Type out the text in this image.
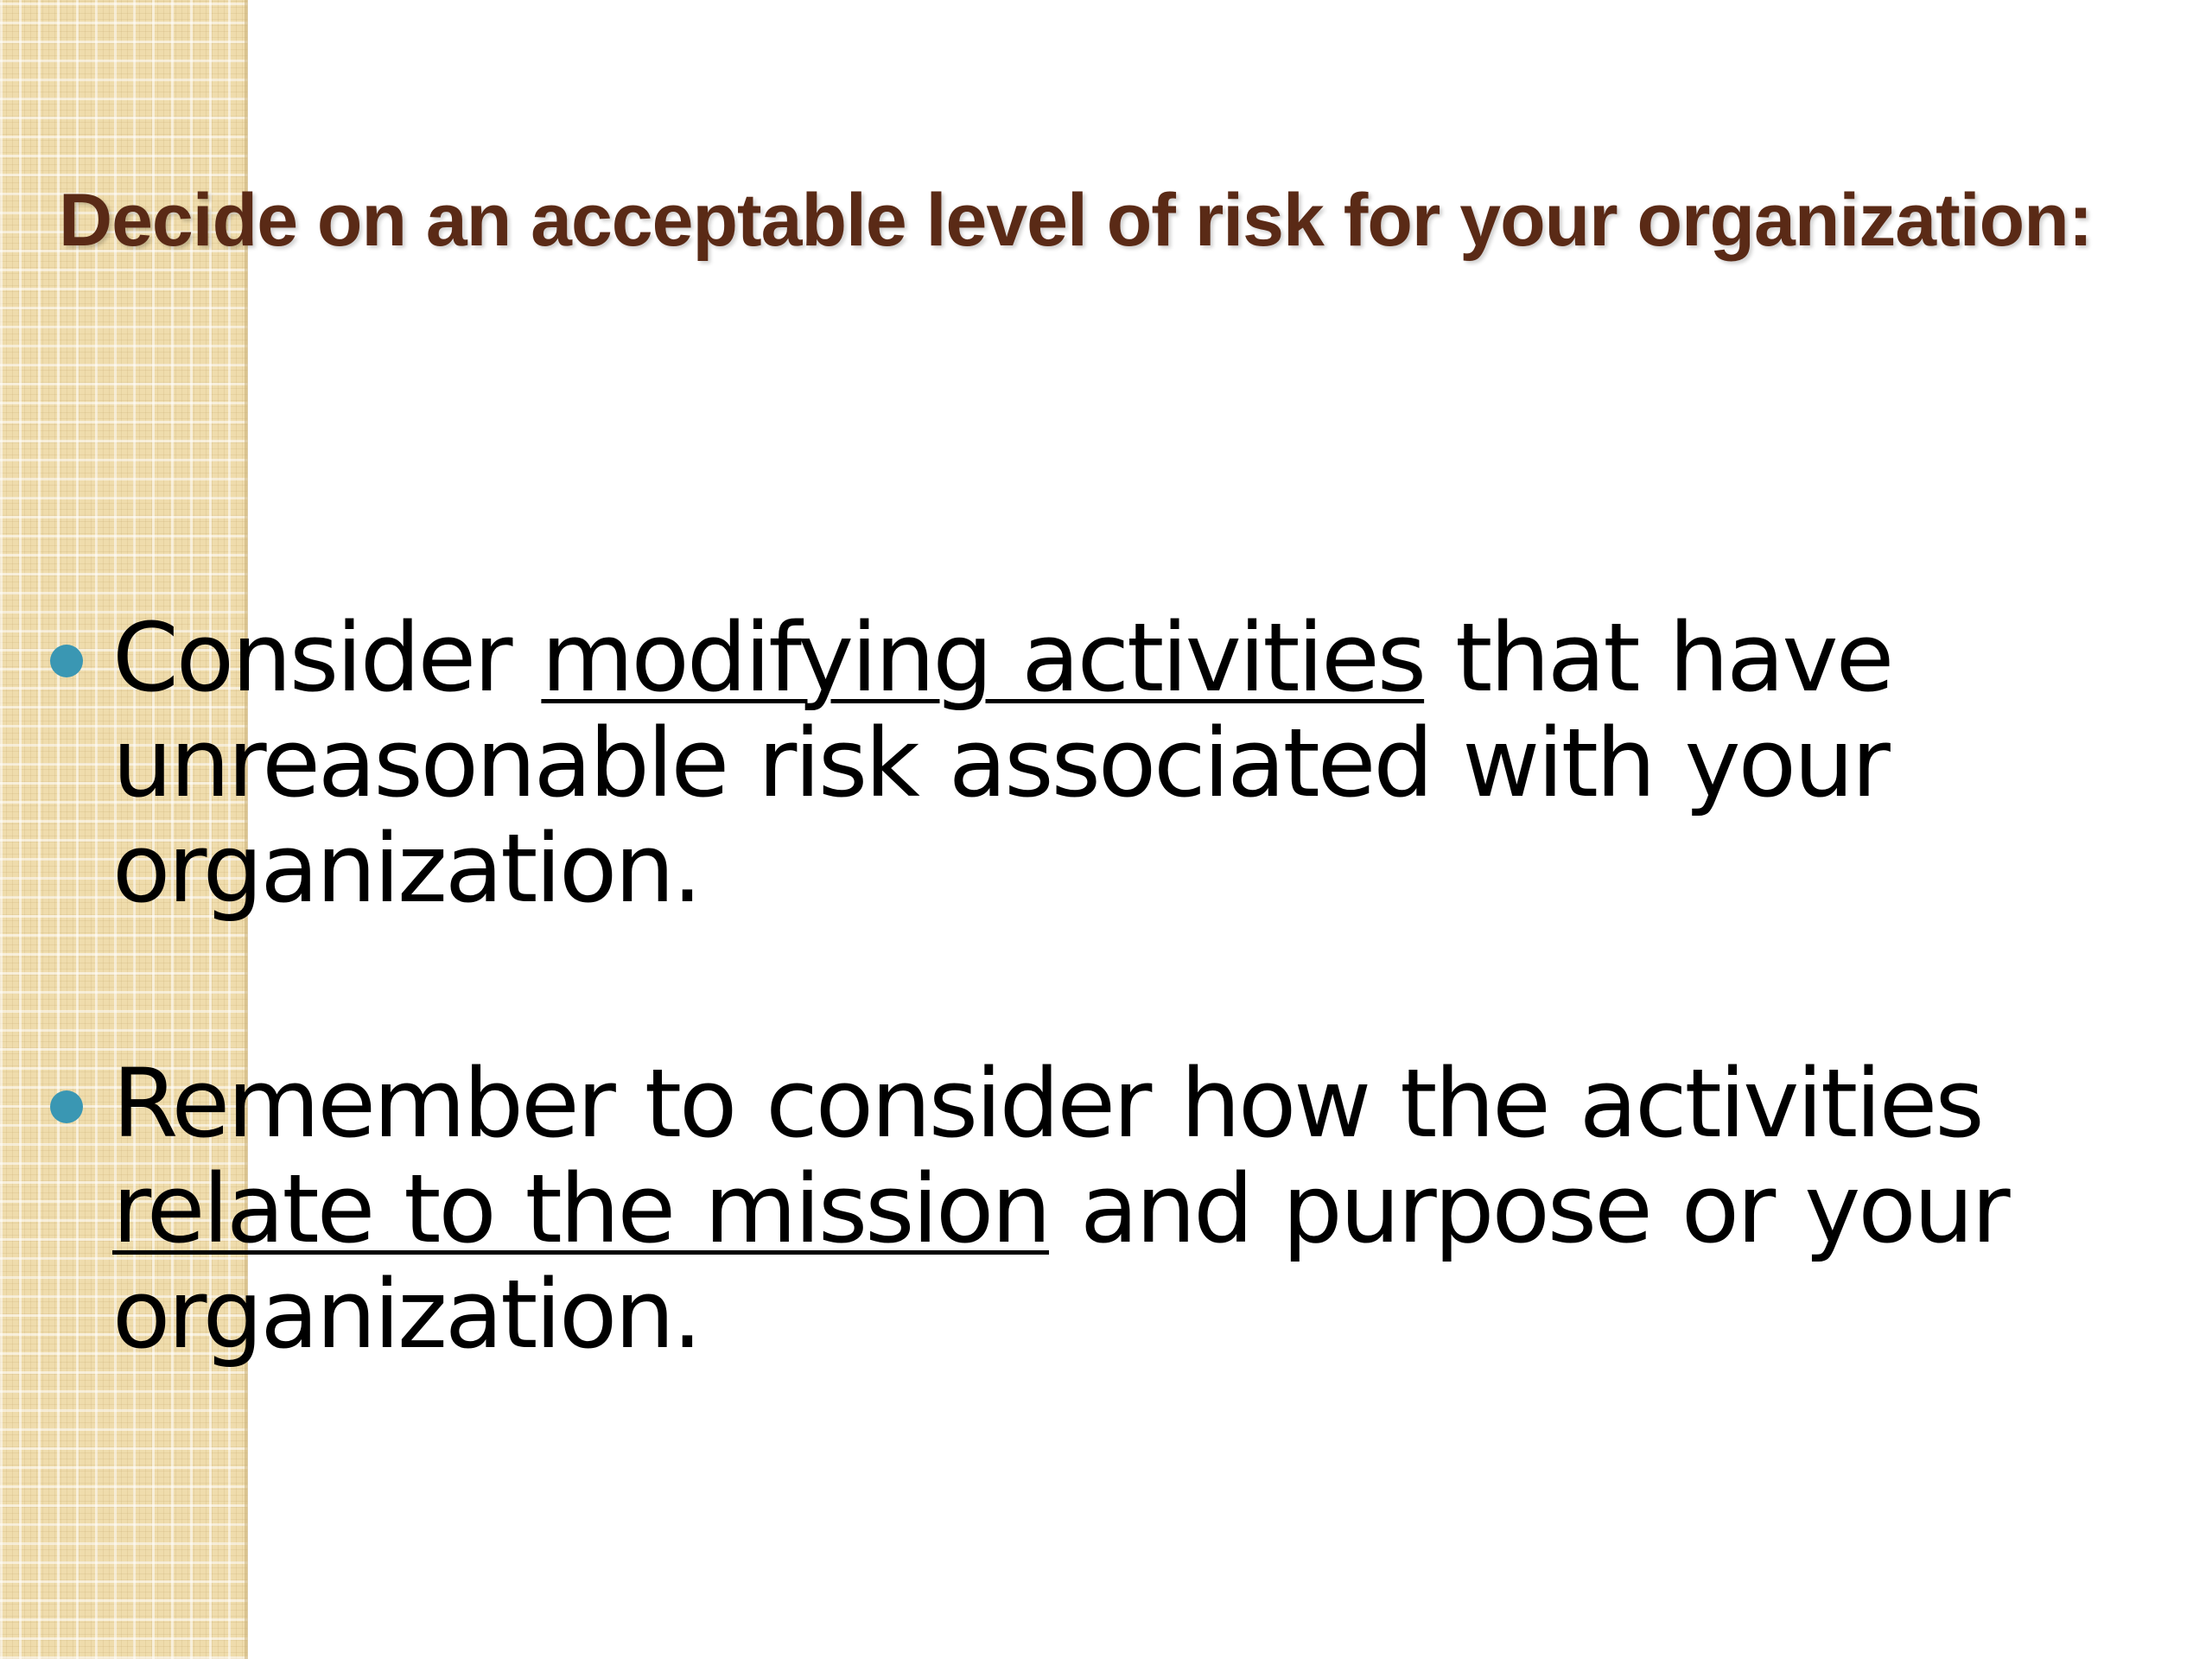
Decide on an acceptable level of risk for your organization:
Consider modifying activities that have unreasonable risk associated with your organization.
Remember to consider how the activities relate to the mission and purpose or your organization.
